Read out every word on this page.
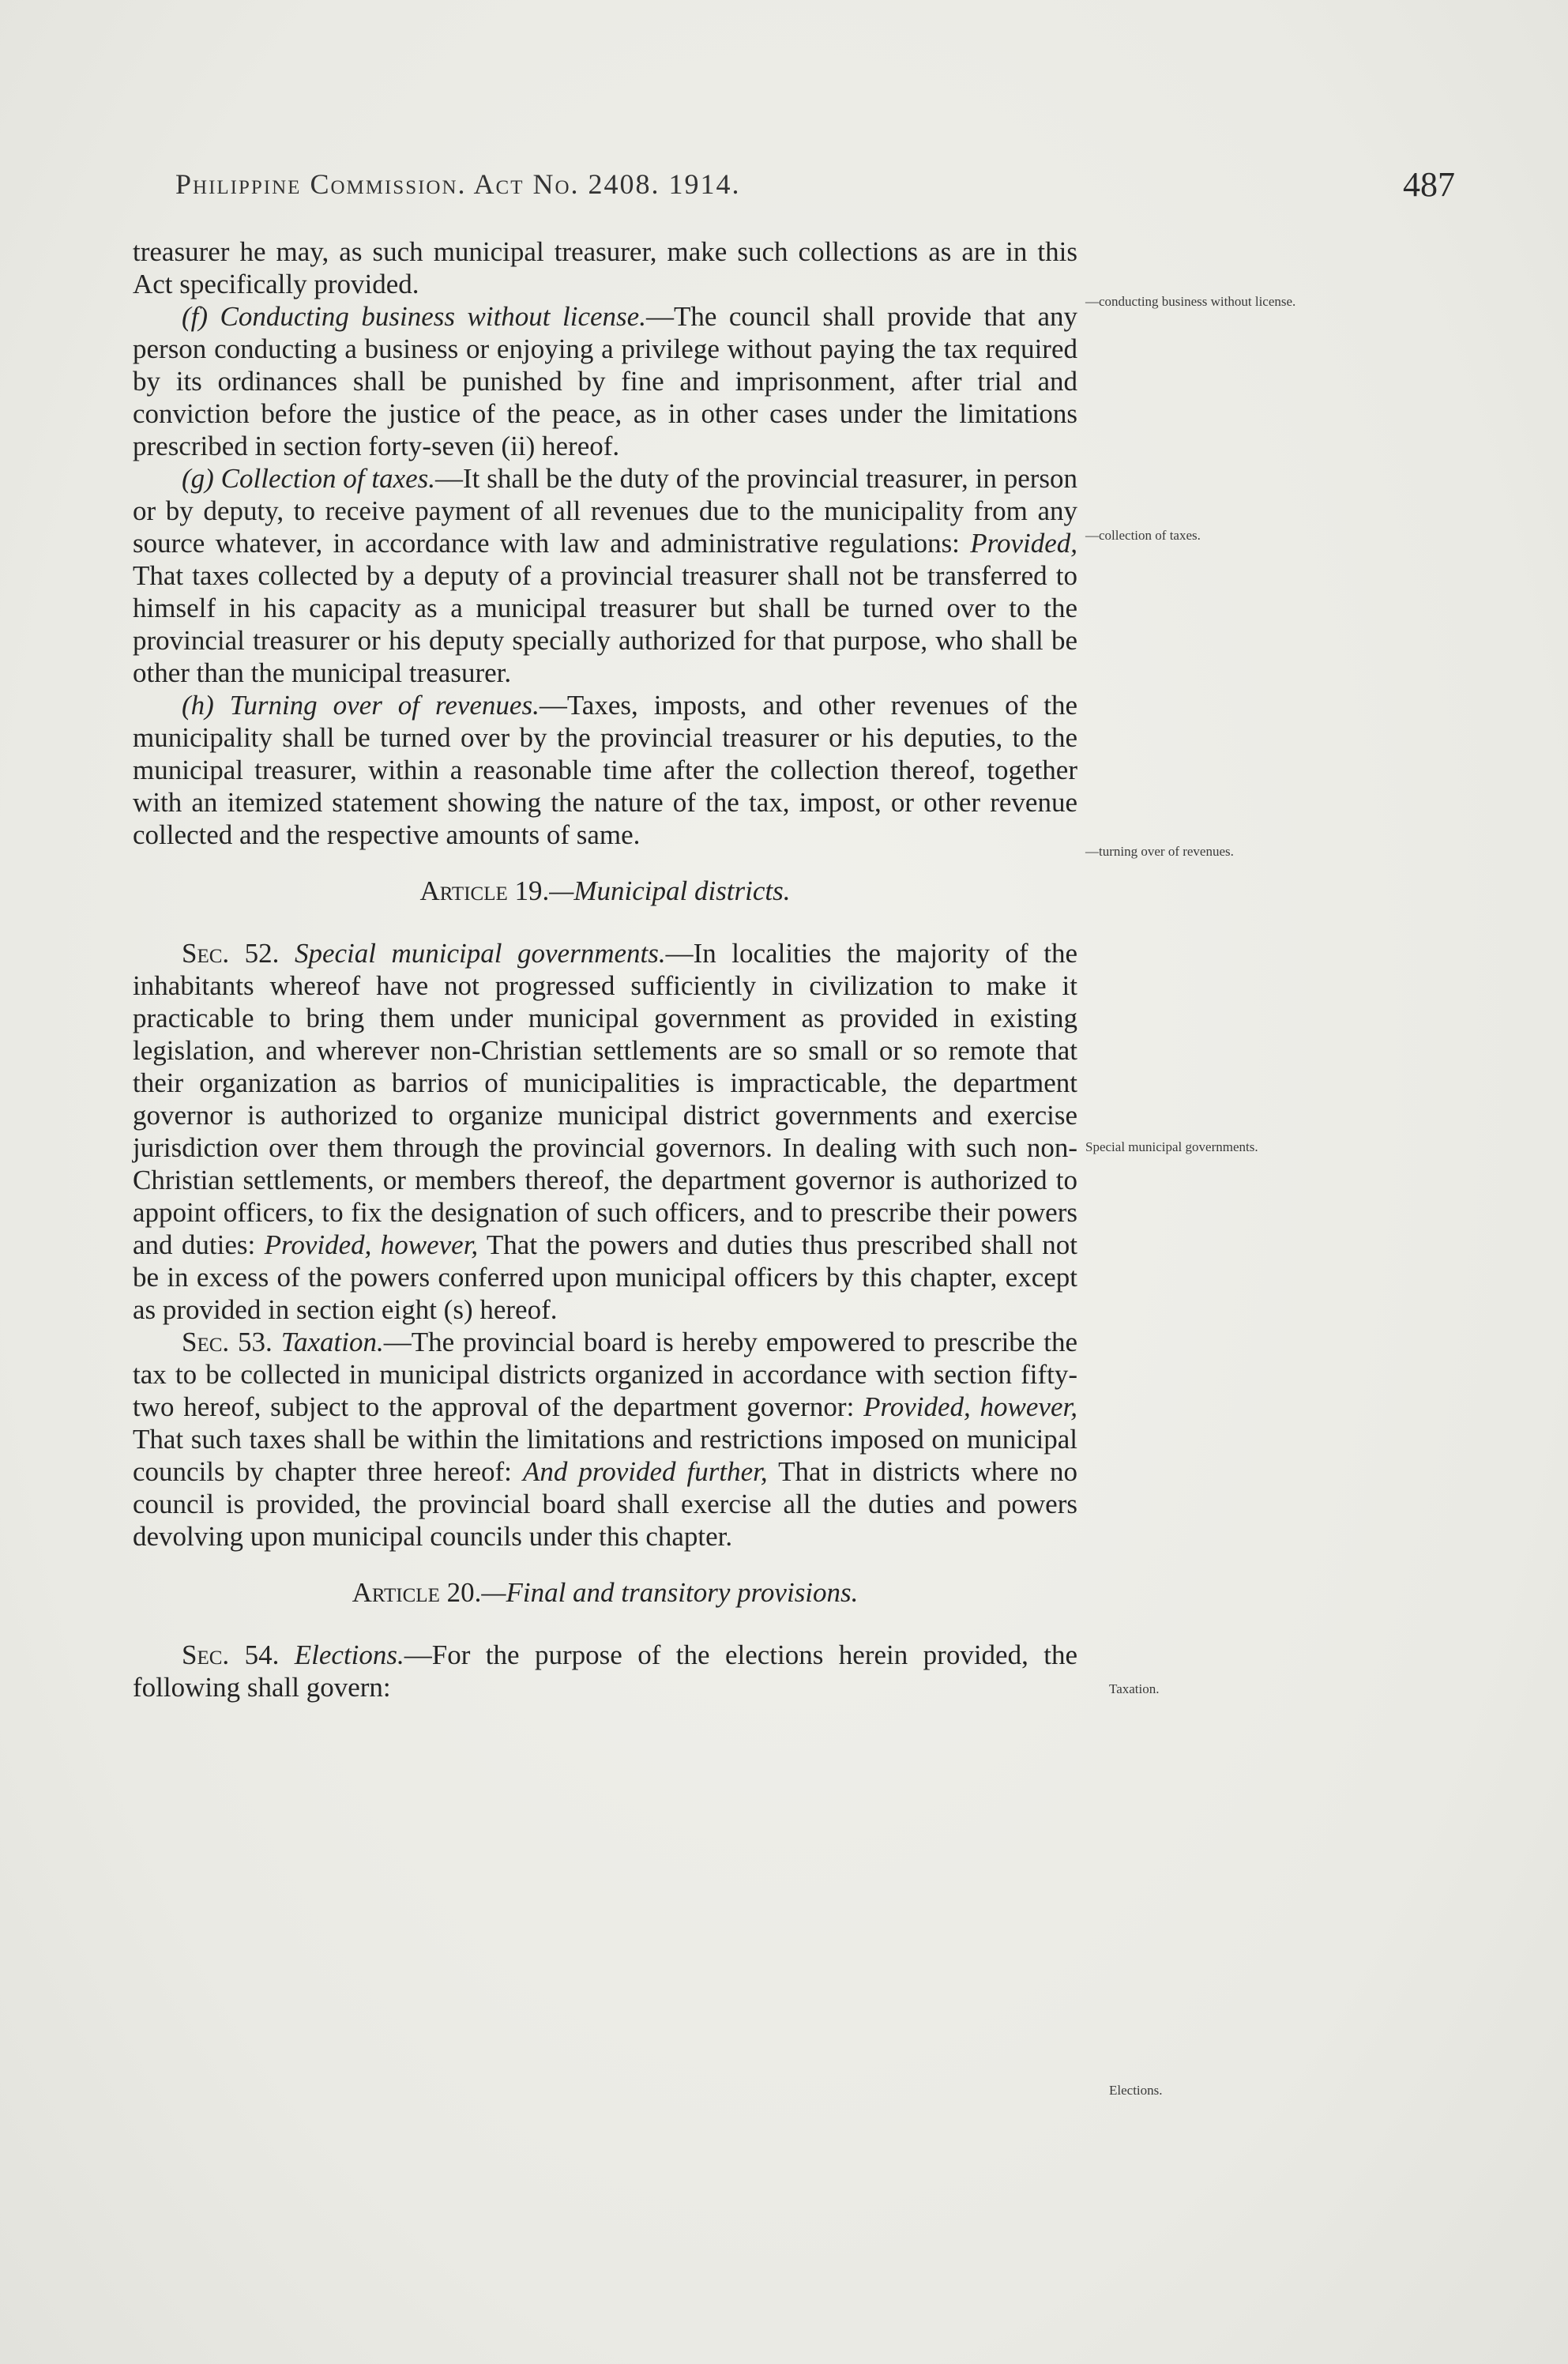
Philippine Commission. Act No. 2408. 1914.	487

treasurer he may, as such municipal treasurer, make such collections as are in this Act specifically provided.

(f) Conducting business without license.—The council shall provide that any person conducting a business or enjoying a privilege without paying the tax required by its ordinances shall be punished by fine and imprisonment, after trial and conviction before the justice of the peace, as in other cases under the limitations prescribed in section forty-seven (ii) hereof.

(g) Collection of taxes.—It shall be the duty of the provincial treasurer, in person or by deputy, to receive payment of all revenues due to the municipality from any source whatever, in accordance with law and administrative regulations: Provided, That taxes collected by a deputy of a provincial treasurer shall not be transferred to himself in his capacity as a municipal treasurer but shall be turned over to the provincial treasurer or his deputy specially authorized for that purpose, who shall be other than the municipal treasurer.

(h) Turning over of revenues.—Taxes, imposts, and other revenues of the municipality shall be turned over by the provincial treasurer or his deputies, to the municipal treasurer, within a reasonable time after the collection thereof, together with an itemized statement showing the nature of the tax, impost, or other revenue collected and the respective amounts of same.

Article 19.—Municipal districts.

Sec. 52. Special municipal governments.—In localities the majority of the inhabitants whereof have not progressed sufficiently in civilization to make it practicable to bring them under municipal government as provided in existing legislation, and wherever non-Christian settlements are so small or so remote that their organization as barrios of municipalities is impracticable, the department governor is authorized to organize municipal district governments and exercise jurisdiction over them through the provincial governors. In dealing with such non-Christian settlements, or members thereof, the department governor is authorized to appoint officers, to fix the designation of such officers, and to prescribe their powers and duties: Provided, however, That the powers and duties thus prescribed shall not be in excess of the powers conferred upon municipal officers by this chapter, except as provided in section eight (s) hereof.

Sec. 53. Taxation.—The provincial board is hereby empowered to prescribe the tax to be collected in municipal districts organized in accordance with section fifty-two hereof, subject to the approval of the department governor: Provided, however, That such taxes shall be within the limitations and restrictions imposed on municipal councils by chapter three hereof: And provided further, That in districts where no council is provided, the provincial board shall exercise all the duties and powers devolving upon municipal councils under this chapter.

Article 20.—Final and transitory provisions.

Sec. 54. Elections.—For the purpose of the elections herein provided, the following shall govern:

—conducting business without license.
—collection of taxes.
—turning over of revenues.
Special municipal governments.
Taxation.
Elections.
